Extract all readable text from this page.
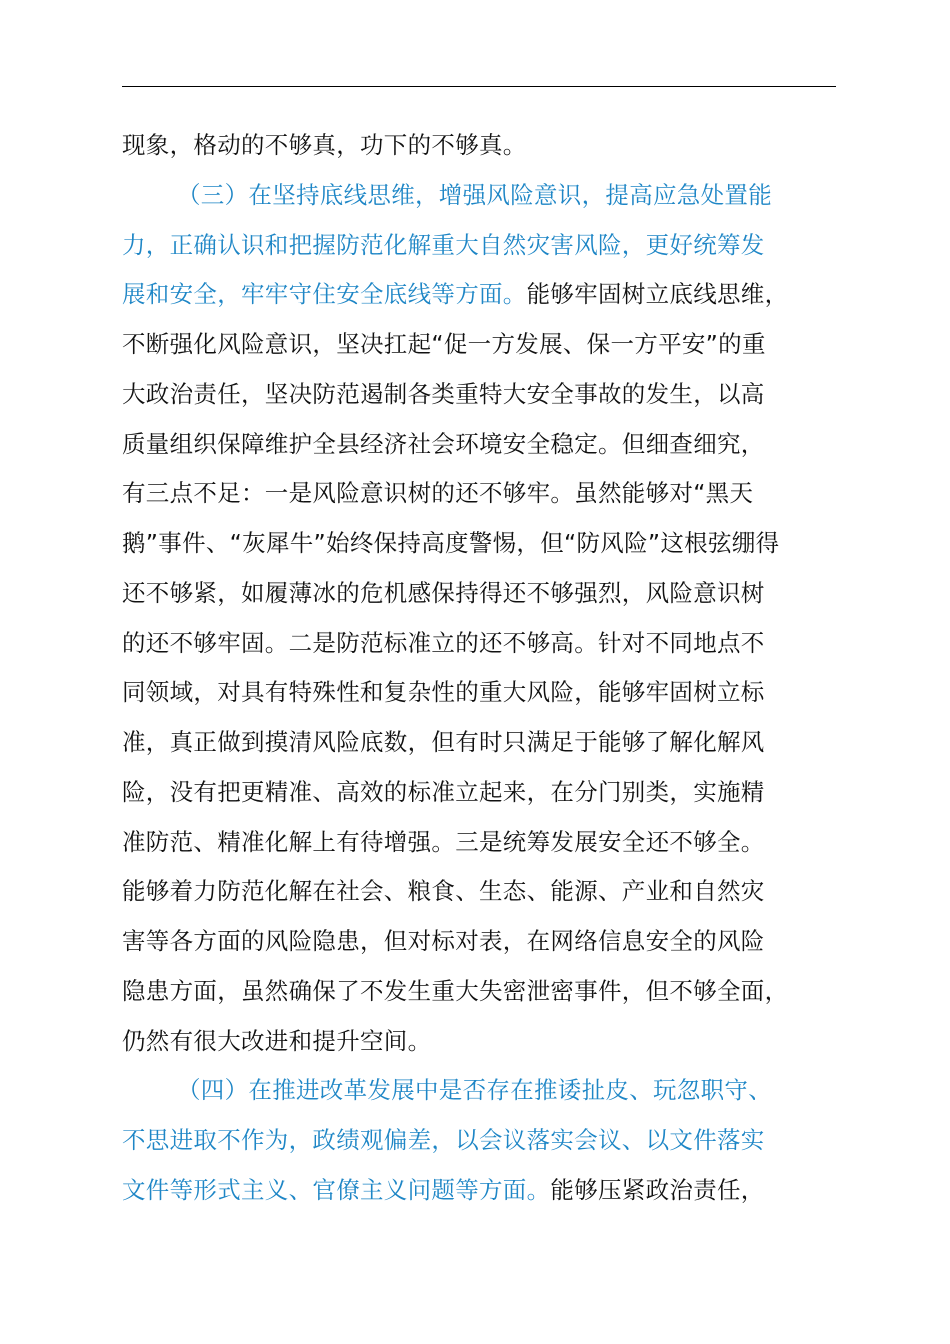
现象，格动的不够真，功下的不够真。
（三）在坚持底线思维，增强风险意识，提高应急处置能
力，正确认识和把握防范化解重大自然灾害风险，更好统筹发
展和安全，牢牢守住安全底线等方面。能够牢固树立底线思维，
不断强化风险意识，坚决扛起“促一方发展、保一方平安”的重
大政治责任，坚决防范遏制各类重特大安全事故的发生，以高
质量组织保障维护全县经济社会环境安全稳定。但细查细究，
有三点不足：一是风险意识树的还不够牢。虽然能够对“黑天
鹅”事件、“灰犀牛”始终保持高度警惕，但“防风险”这根弦绷得
还不够紧，如履薄冰的危机感保持得还不够强烈，风险意识树
的还不够牢固。二是防范标准立的还不够高。针对不同地点不
同领域，对具有特殊性和复杂性的重大风险，能够牢固树立标
准，真正做到摸清风险底数，但有时只满足于能够了解化解风
险，没有把更精准、高效的标准立起来，在分门别类，实施精
准防范、精准化解上有待增强。三是统筹发展安全还不够全。
能够着力防范化解在社会、粮食、生态、能源、产业和自然灾
害等各方面的风险隐患，但对标对表，在网络信息安全的风险
隐患方面，虽然确保了不发生重大失密泄密事件，但不够全面，
仍然有很大改进和提升空间。
（四）在推进改革发展中是否存在推诿扯皮、玩忽职守、
不思进取不作为，政绩观偏差，以会议落实会议、以文件落实
文件等形式主义、官僚主义问题等方面。能够压紧政治责任，
